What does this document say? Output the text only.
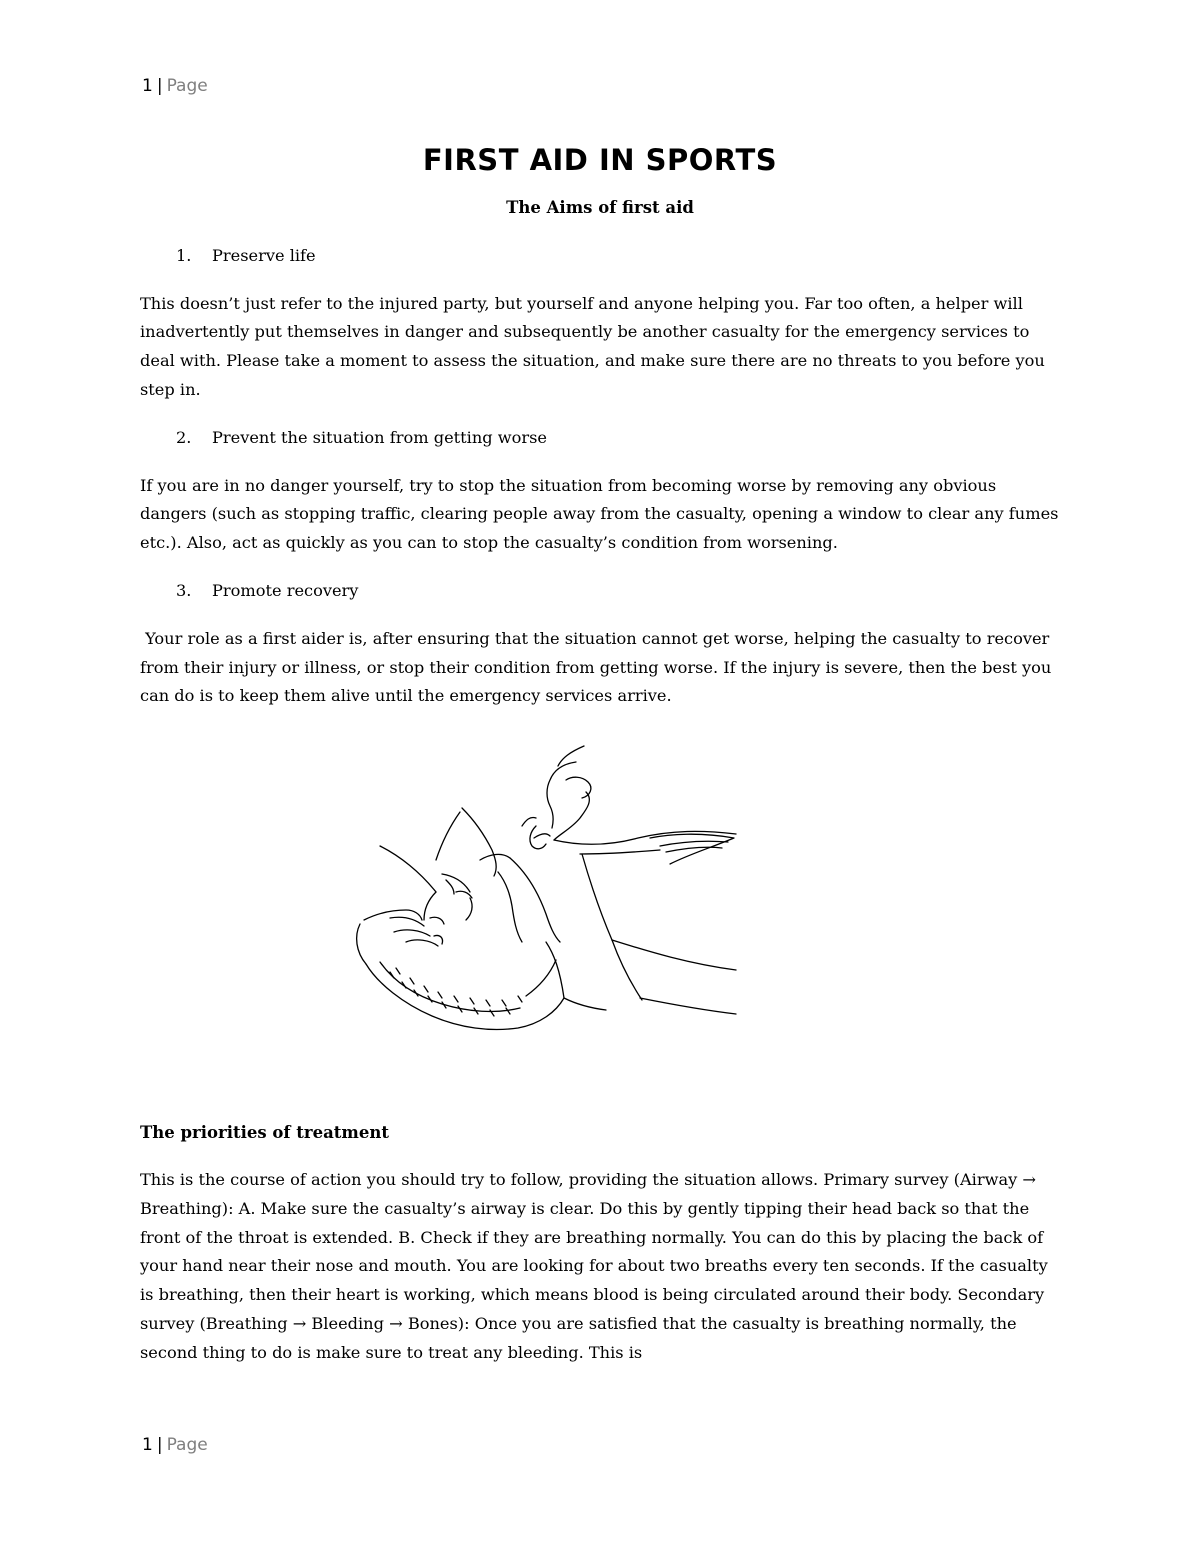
1 | Page
FIRST AID IN SPORTS
The Aims of first aid
1. Preserve life

This doesn’t just refer to the injured party, but yourself and anyone helping you. Far too often, a helper will inadvertently put themselves in danger and subsequently be another casualty for the emergency services to deal with. Please take a moment to assess the situation, and make sure there are no threats to you before you step in.

2. Prevent the situation from getting worse

If you are in no danger yourself, try to stop the situation from becoming worse by removing any obvious dangers (such as stopping traffic, clearing people away from the casualty, opening a window to clear any fumes etc.). Also, act as quickly as you can to stop the casualty’s condition from worsening.

3. Promote recovery

Your role as a first aider is, after ensuring that the situation cannot get worse, helping the casualty to recover from their injury or illness, or stop their condition from getting worse. If the injury is severe, then the best you can do is to keep them alive until the emergency services arrive.

The priorities of treatment

This is the course of action you should try to follow, providing the situation allows. Primary survey (Airway → Breathing): A. Make sure the casualty’s airway is clear. Do this by gently tipping their head back so that the front of the throat is extended. B. Check if they are breathing normally. You can do this by placing the back of your hand near their nose and mouth. You are looking for about two breaths every ten seconds. If the casualty is breathing, then their heart is working, which means blood is being circulated around their body. Secondary survey (Breathing → Bleeding → Bones): Once you are satisfied that the casualty is breathing normally, the second thing to do is make sure to treat any bleeding. This is

1 | Page
